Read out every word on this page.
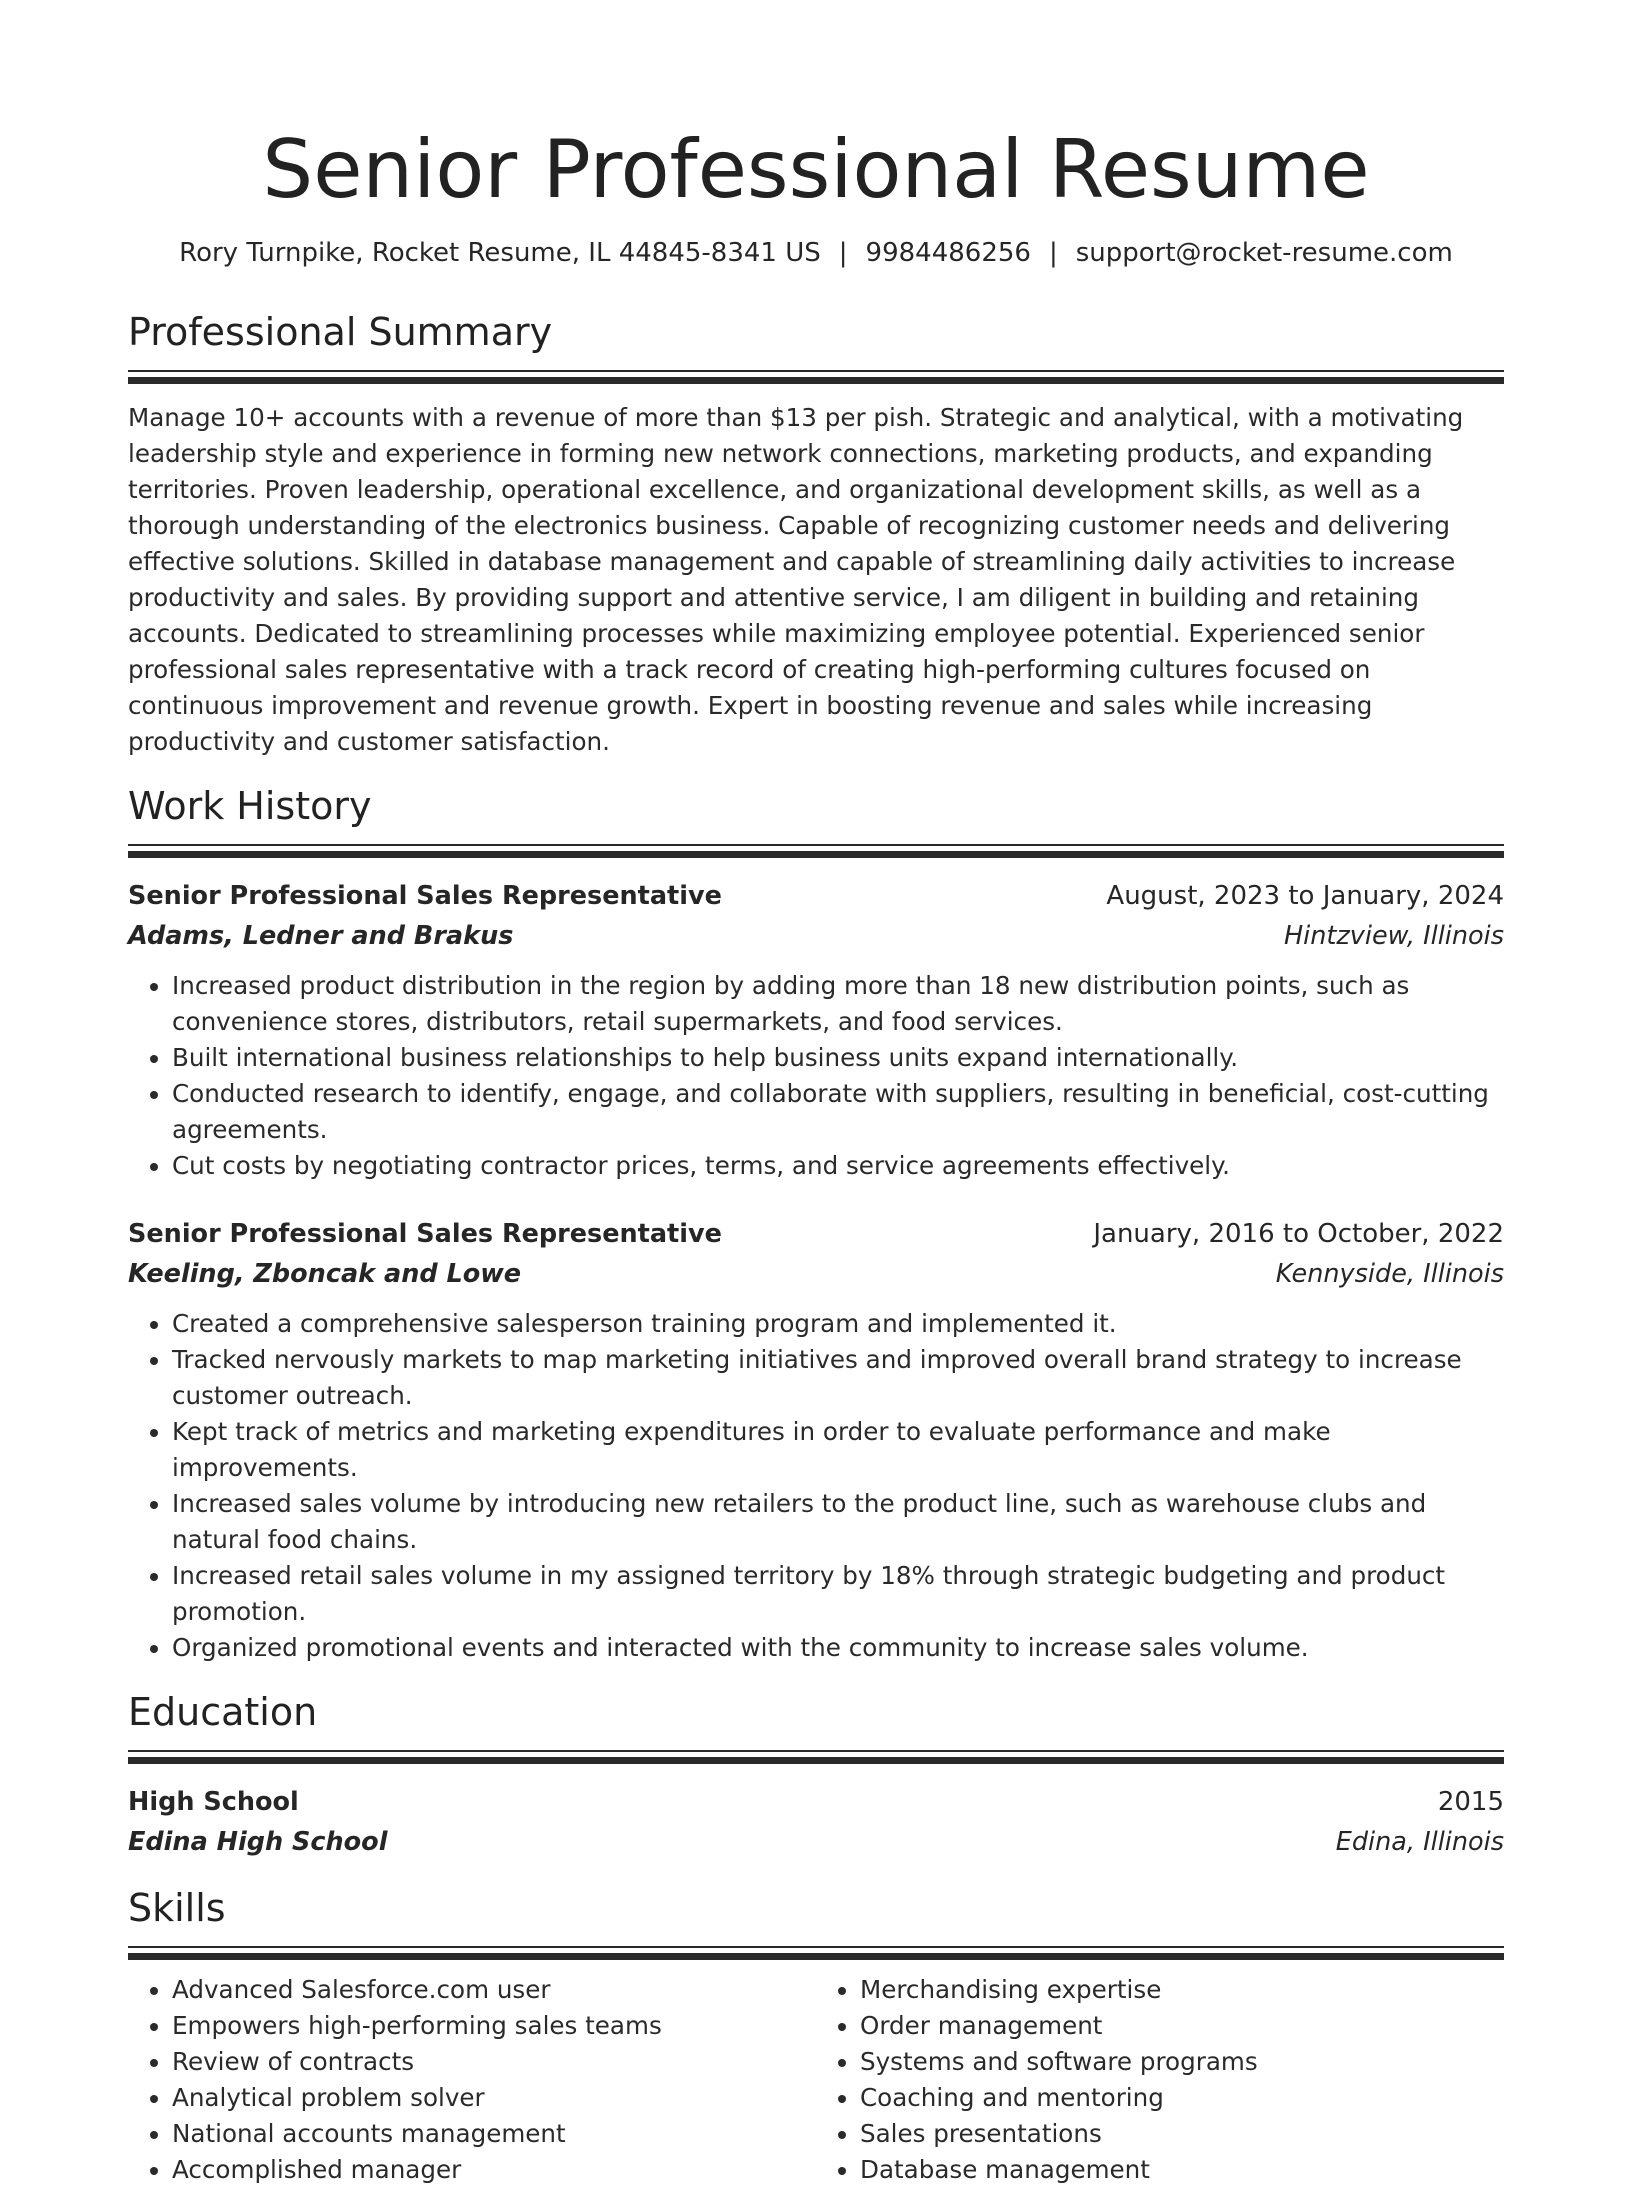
Senior Professional Resume
Rory Turnpike, Rocket Resume, IL 44845-8341 US | 9984486256 | support@rocket-resume.com
Professional Summary

Manage 10+ accounts with a revenue of more than $13 per pish. Strategic and analytical, with a motivating leadership style and experience in forming new network connections, marketing products, and expanding territories. Proven leadership, operational excellence, and organizational development skills, as well as a thorough understanding of the electronics business. Capable of recognizing customer needs and delivering effective solutions. Skilled in database management and capable of streamlining daily activities to increase productivity and sales. By providing support and attentive service, I am diligent in building and retaining accounts. Dedicated to streamlining processes while maximizing employee potential. Experienced senior professional sales representative with a track record of creating high-performing cultures focused on continuous improvement and revenue growth. Expert in boosting revenue and sales while increasing productivity and customer satisfaction.

Work History
Senior Professional Sales Representative	August, 2023 to January, 2024
Adams, Ledner and Brakus	Hintzview, Illinois
• Increased product distribution in the region by adding more than 18 new distribution points, such as convenience stores, distributors, retail supermarkets, and food services.
• Built international business relationships to help business units expand internationally.
• Conducted research to identify, engage, and collaborate with suppliers, resulting in beneficial, cost-cutting agreements.
• Cut costs by negotiating contractor prices, terms, and service agreements effectively.
Senior Professional Sales Representative	January, 2016 to October, 2022
Keeling, Zboncak and Lowe	Kennyside, Illinois
• Created a comprehensive salesperson training program and implemented it.
• Tracked nervously markets to map marketing initiatives and improved overall brand strategy to increase customer outreach.
• Kept track of metrics and marketing expenditures in order to evaluate performance and make improvements.
• Increased sales volume by introducing new retailers to the product line, such as warehouse clubs and natural food chains.
• Increased retail sales volume in my assigned territory by 18% through strategic budgeting and product promotion.
• Organized promotional events and interacted with the community to increase sales volume.
Education
High School	2015
Edina High School	Edina, Illinois
Skills
• Advanced Salesforce.com user
• Empowers high-performing sales teams
• Review of contracts
• Analytical problem solver
• National accounts management
• Accomplished manager
• Merchandising expertise
• Order management
• Systems and software programs
• Coaching and mentoring
• Sales presentations
• Database management
